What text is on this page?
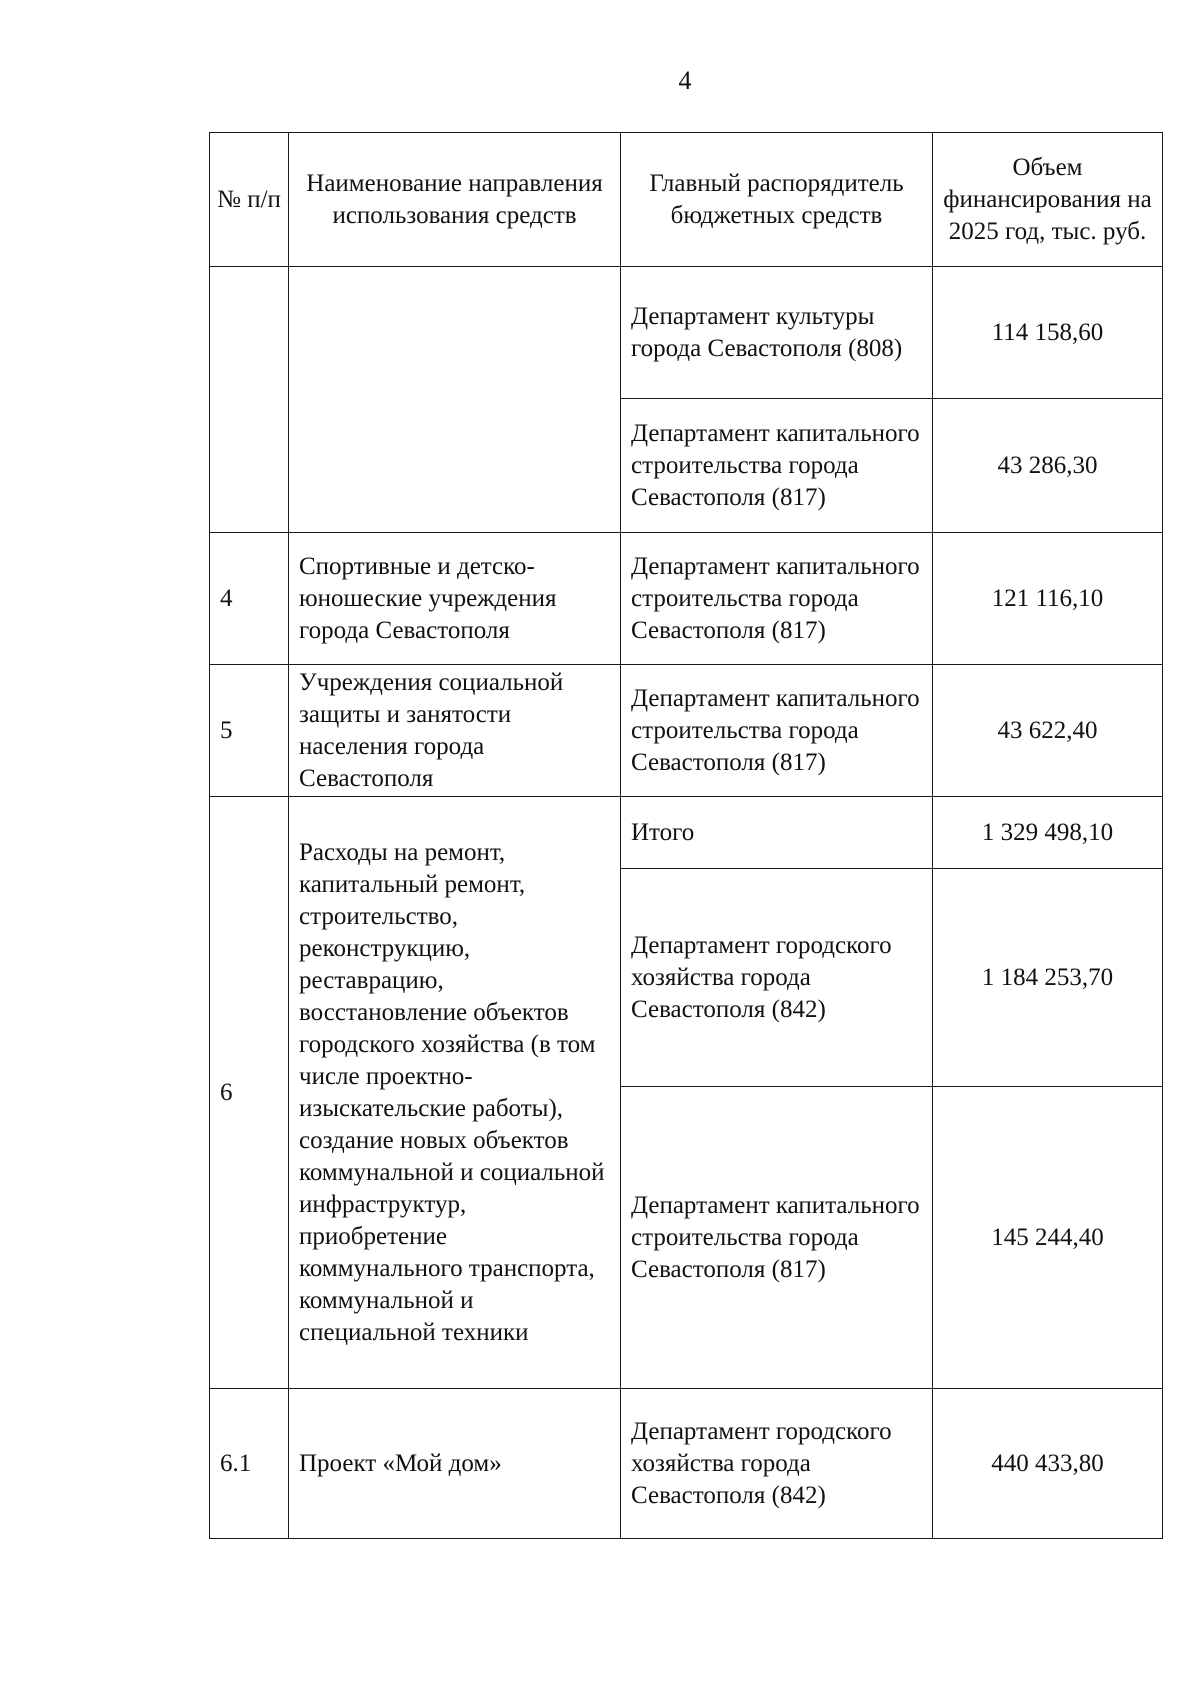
4
№ п/п	Наименование направления использования средств	Главный распорядитель бюджетных средств	Объем финансирования на 2025 год, тыс. руб.
		Департамент культуры города Севастополя (808)	114 158,60
		Департамент капитального строительства города Севастополя (817)	43 286,30
4	Спортивные и детско-юношеские учреждения города Севастополя	Департамент капитального строительства города Севастополя (817)	121 116,10
5	Учреждения социальной защиты и занятости населения города Севастополя	Департамент капитального строительства города Севастополя (817)	43 622,40
6	Расходы на ремонт, капитальный ремонт, строительство, реконструкцию, реставрацию, восстановление объектов городского хозяйства (в том числе проектно-изыскательские работы), создание новых объектов коммунальной и социальной инфраструктур, приобретение коммунального транспорта, коммунальной и специальной техники	Итого	1 329 498,10
		Департамент городского хозяйства города Севастополя (842)	1 184 253,70
		Департамент капитального строительства города Севастополя (817)	145 244,40
6.1	Проект «Мой дом»	Департамент городского хозяйства города Севастополя (842)	440 433,80
